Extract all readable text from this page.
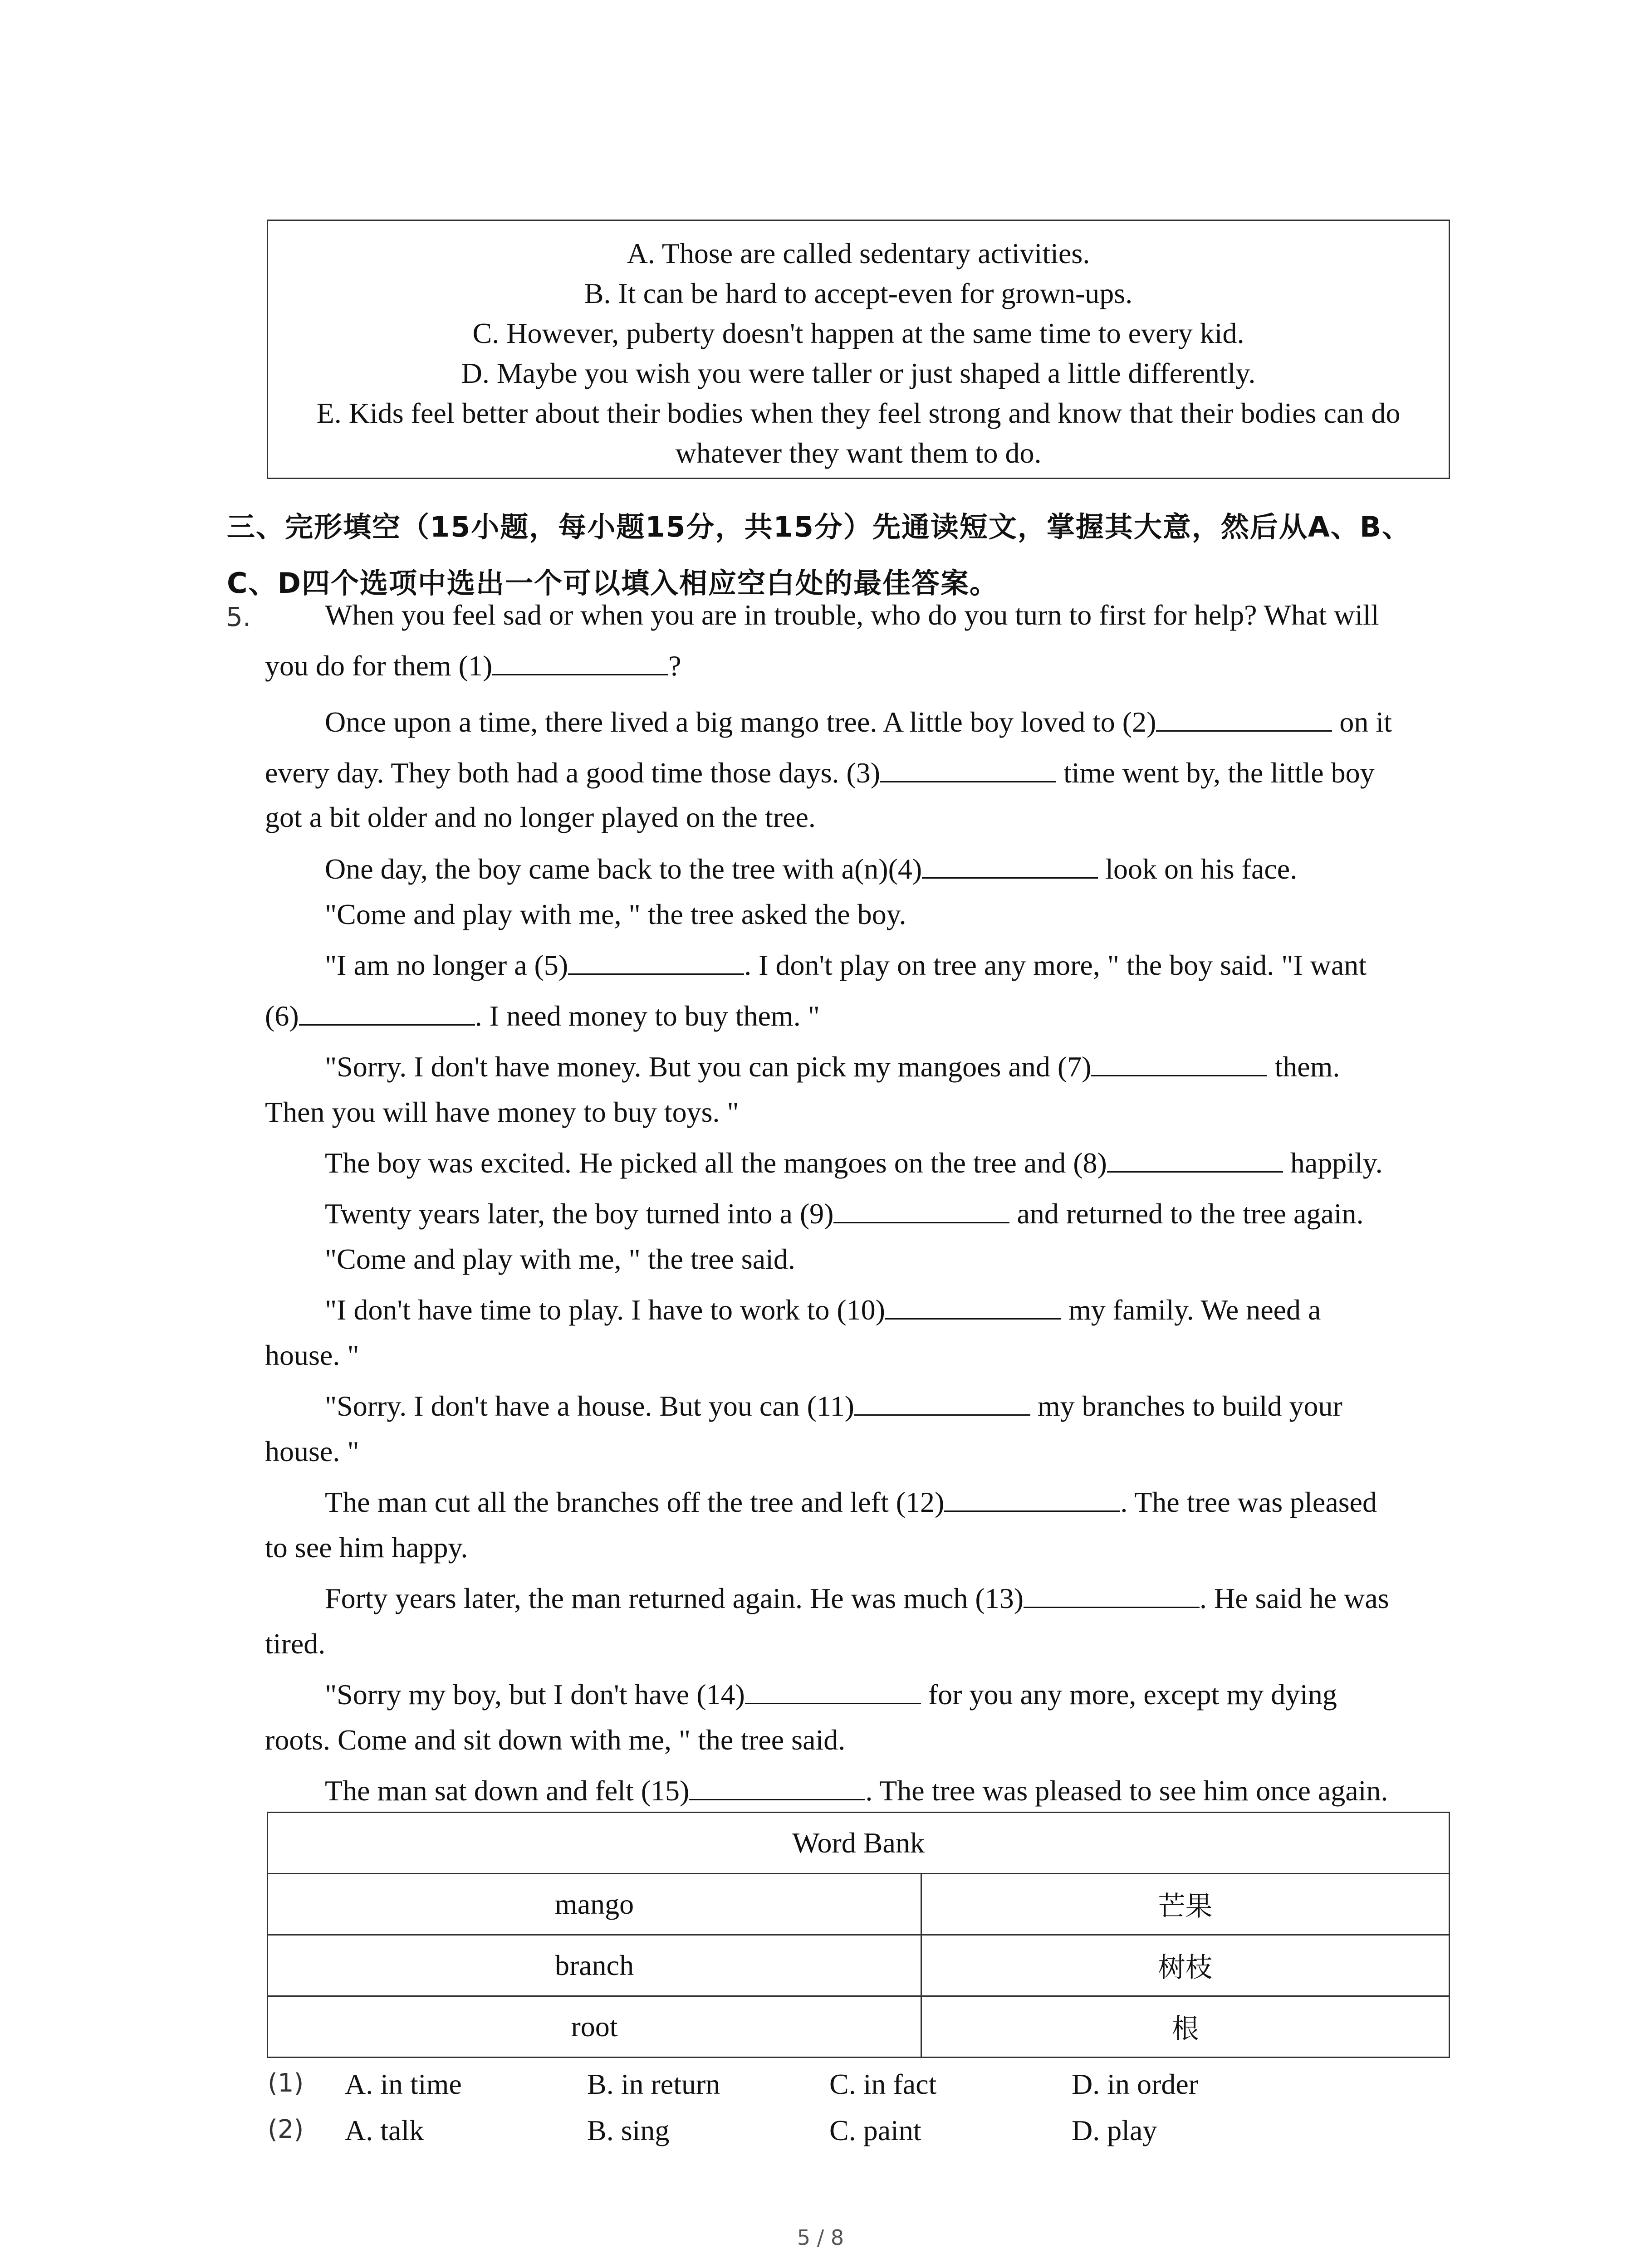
A. Those are called sedentary activities.
B. It can be hard to accept-even for grown-ups.
C. However, puberty doesn't happen at the same time to every kid.
D. Maybe you wish you were taller or just shaped a little differently.
E. Kids feel better about their bodies when they feel strong and know that their bodies can do
whatever they want them to do.
三、完形填空（15小题，每小题15分，共15分）先通读短文，掌握其大意，然后从A、B、
C、D四个选项中选出一个可以填入相应空白处的最佳答案。
5.	When you feel sad or when you are in trouble, who do you turn to first for help? What will
you do for them (1)	?
Once upon a time, there lived a big mango tree. A little boy loved to (2)	on it
every day. They both had a good time those days. (3)	time went by, the little boy
got a bit older and no longer played on the tree.
One day, the boy came back to the tree with a(n)(4)	look on his face.
"Come and play with me, " the tree asked the boy.
"I am no longer a (5)	. I don't play on tree any more, " the boy said. "I want
(6)	. I need money to buy them. "
"Sorry. I don't have money. But you can pick my mangoes and (7)	them.
Then you will have money to buy toys. "
The boy was excited. He picked all the mangoes on the tree and (8)	happily.
Twenty years later, the boy turned into a (9)	and returned to the tree again.
"Come and play with me, " the tree said.
"I don't have time to play. I have to work to (10)	my family. We need a
house. "
"Sorry. I don't have a house. But you can (11)	my branches to build your
house. "
The man cut all the branches off the tree and left (12)	. The tree was pleased
to see him happy.
Forty years later, the man returned again. He was much (13)	. He said he was
tired.
"Sorry my boy, but I don't have (14)	for you any more, except my dying
roots. Come and sit down with me, " the tree said.
The man sat down and felt (15)	. The tree was pleased to see him once again.
Word Bank	
mango	芒果
branch	树枝
root	根
(1) A. in time	B. in return	C. in fact	D. in order
(2) A. talk	B. sing	C. paint	D. play
5 / 8
